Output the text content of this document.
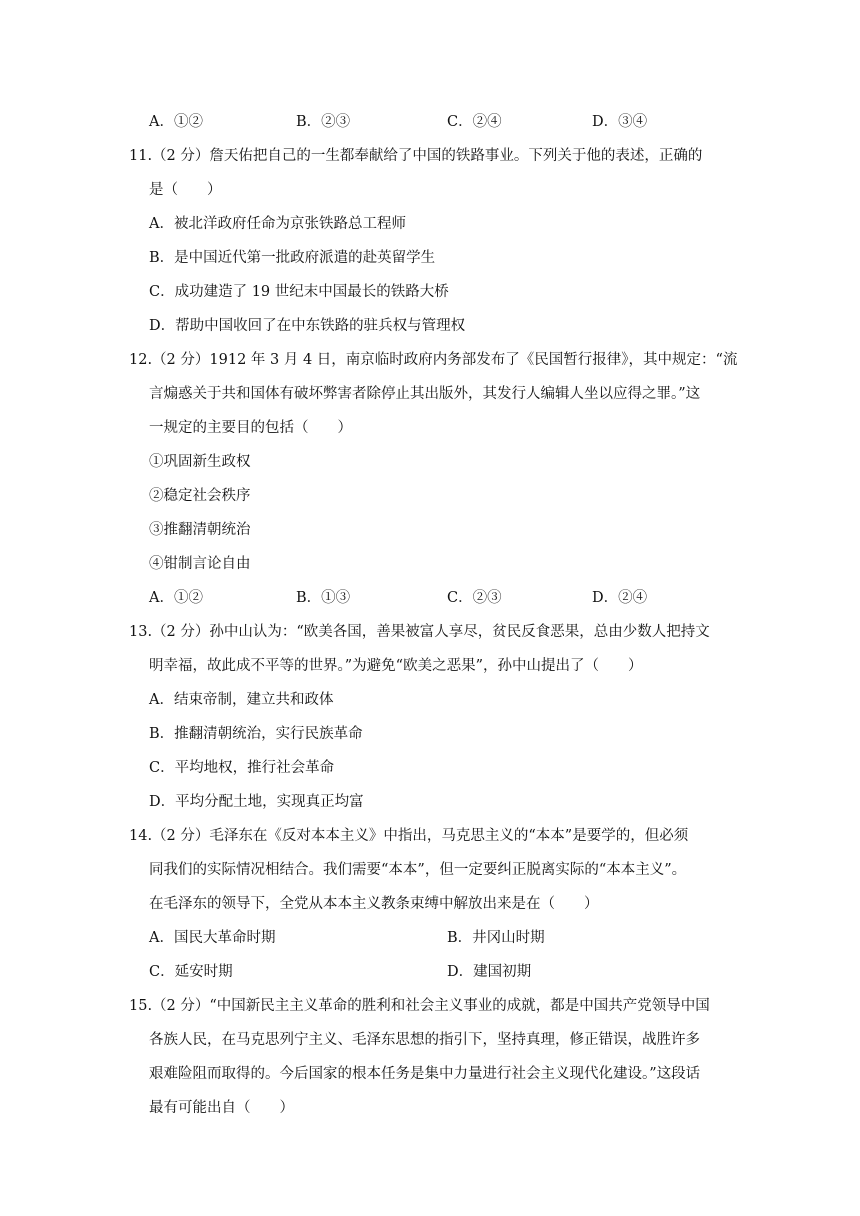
A．①②	B．②③	C．②④	D．③④
11.（2 分）詹天佑把自己的一生都奉献给了中国的铁路事业。下列关于他的表述，正确的
是（　　）
A．被北洋政府任命为京张铁路总工程师
B．是中国近代第一批政府派遣的赴英留学生
C．成功建造了 19 世纪末中国最长的铁路大桥
D．帮助中国收回了在中东铁路的驻兵权与管理权
12.（2 分）1912 年 3 月 4 日，南京临时政府内务部发布了《民国暂行报律》，其中规定：“流
言煽惑关于共和国体有破坏弊害者除停止其出版外，其发行人编辑人坐以应得之罪。”这
一规定的主要目的包括（　　）
①巩固新生政权
②稳定社会秩序
③推翻清朝统治
④钳制言论自由
A．①②	B．①③	C．②③	D．②④
13.（2 分）孙中山认为：“欧美各国，善果被富人享尽，贫民反食恶果，总由少数人把持文
明幸福，故此成不平等的世界。”为避免“欧美之恶果”，孙中山提出了（　　）
A．结束帝制，建立共和政体
B．推翻清朝统治，实行民族革命
C．平均地权，推行社会革命
D．平均分配土地，实现真正均富
14.（2 分）毛泽东在《反对本本主义》中指出，马克思主义的“本本”是要学的，但必须
同我们的实际情况相结合。我们需要“本本”，但一定要纠正脱离实际的“本本主义”。
在毛泽东的领导下，全党从本本主义教条束缚中解放出来是在（　　）
A．国民大革命时期	B．井冈山时期
C．延安时期	D．建国初期
15.（2 分）“中国新民主主义革命的胜利和社会主义事业的成就，都是中国共产党领导中国
各族人民，在马克思列宁主义、毛泽东思想的指引下，坚持真理，修正错误，战胜许多
艰难险阻而取得的。今后国家的根本任务是集中力量进行社会主义现代化建设。”这段话
最有可能出自（　　）
